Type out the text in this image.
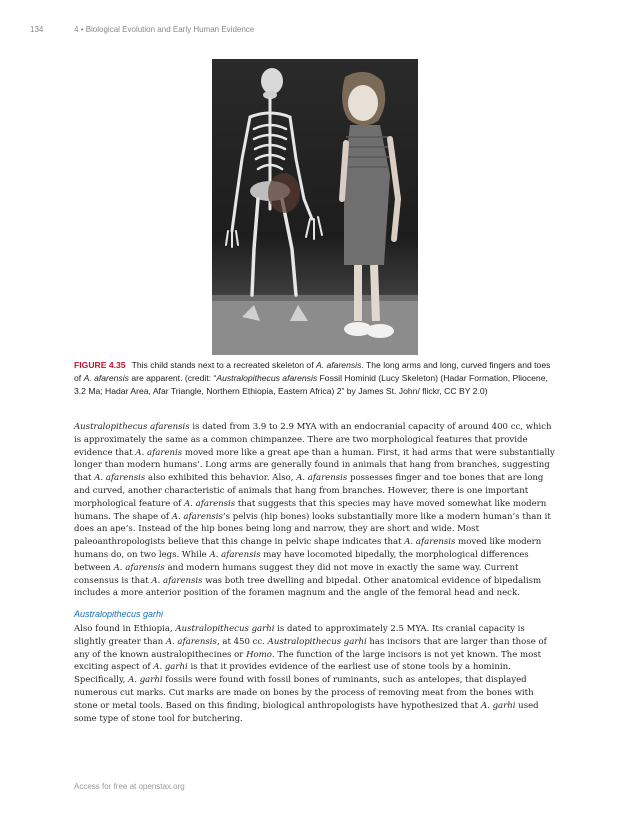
134	4 • Biological Evolution and Early Human Evidence
FIGURE 4.35 This child stands next to a recreated skeleton of A. afarensis. The long arms and long, curved fingers and toes of A. afarensis are apparent. (credit: “Australopithecus afarensis Fossil Hominid (Lucy Skeleton) (Hadar Formation, Pliocene, 3.2 Ma; Hadar Area, Afar Triangle, Northern Ethiopia, Eastern Africa) 2” by James St. John/ flickr, CC BY 2.0)
Australopithecus afarensis is dated from 3.9 to 2.9 MYA with an endocranial capacity of around 400 cc, which is approximately the same as a common chimpanzee. There are two morphological features that provide evidence that A. afarenis moved more like a great ape than a human. First, it had arms that were substantially longer than modern humans’. Long arms are generally found in animals that hang from branches, suggesting that A. afarensis also exhibited this behavior. Also, A. afarensis possesses finger and toe bones that are long and curved, another characteristic of animals that hang from branches. However, there is one important morphological feature of A. afarensis that suggests that this species may have moved somewhat like modern humans. The shape of A. afarensis’s pelvis (hip bones) looks substantially more like a modern human’s than it does an ape’s. Instead of the hip bones being long and narrow, they are short and wide. Most paleoanthropologists believe that this change in pelvic shape indicates that A. afarensis moved like modern humans do, on two legs. While A. afarensis may have locomoted bipedally, the morphological differences between A. afarensis and modern humans suggest they did not move in exactly the same way. Current consensus is that A. afarensis was both tree dwelling and bipedal. Other anatomical evidence of bipedalism includes a more anterior position of the foramen magnum and the angle of the femoral head and neck.
Australopithecus garhi
Also found in Ethiopia, Australopithecus garhi is dated to approximately 2.5 MYA. Its cranial capacity is slightly greater than A. afarensis, at 450 cc. Australopithecus garhi has incisors that are larger than those of any of the known australopithecines or Homo. The function of the large incisors is not yet known. The most exciting aspect of A. garhi is that it provides evidence of the earliest use of stone tools by a hominin. Specifically, A. garhi fossils were found with fossil bones of ruminants, such as antelopes, that displayed numerous cut marks. Cut marks are made on bones by the process of removing meat from the bones with stone or metal tools. Based on this finding, biological anthropologists have hypothesized that A. garhi used some type of stone tool for butchering.
Access for free at openstax.org
